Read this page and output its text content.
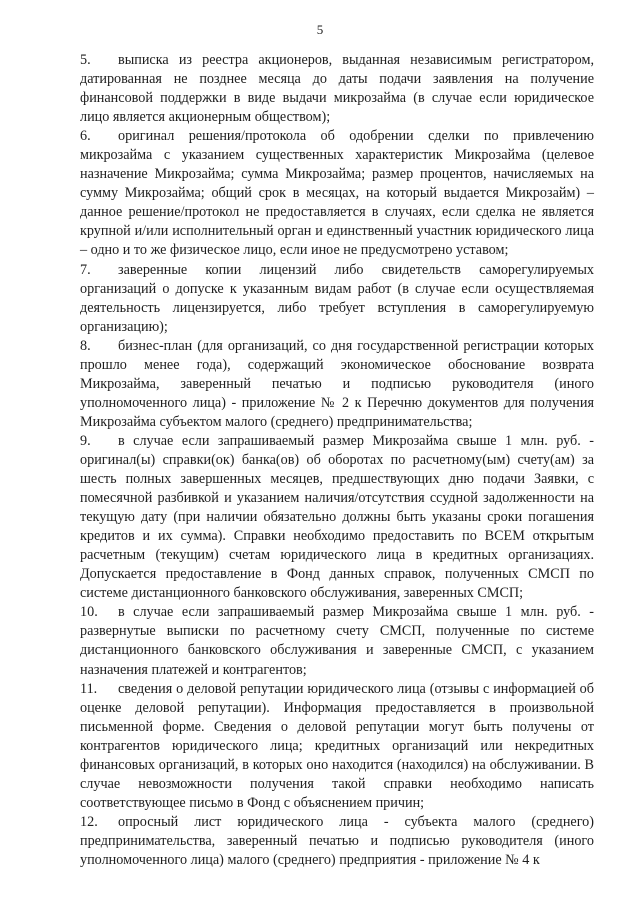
5

5. выписка из реестра акционеров, выданная независимым регистратором, датированная не позднее месяца до даты подачи заявления на получение финансовой поддержки в виде выдачи микрозайма (в случае если юридическое лицо является акционерным обществом);

6. оригинал решения/протокола об одобрении сделки по привлечению микрозайма с указанием существенных характеристик Микрозайма (целевое назначение Микрозайма; сумма Микрозайма; размер процентов, начисляемых на сумму Микрозайма; общий срок в месяцах, на который выдается Микрозайм) – данное решение/протокол не предоставляется в случаях, если сделка не является крупной и/или исполнительный орган и единственный участник юридического лица – одно и то же физическое лицо, если иное не предусмотрено уставом;

7. заверенные копии лицензий либо свидетельств саморегулируемых организаций о допуске к указанным видам работ (в случае если осуществляемая деятельность лицензируется, либо требует вступления в саморегулируемую организацию);

8. бизнес-план (для организаций, со дня государственной регистрации которых прошло менее года), содержащий экономическое обоснование возврата Микрозайма, заверенный печатью и подписью руководителя (иного уполномоченного лица) - приложение № 2 к Перечню документов для получения Микрозайма субъектом малого (среднего) предпринимательства;

9. в случае если запрашиваемый размер Микрозайма свыше 1 млн. руб. - оригинал(ы) справки(ок) банка(ов) об оборотах по расчетному(ым) счету(ам) за шесть полных завершенных месяцев, предшествующих дню подачи Заявки, с помесячной разбивкой и указанием наличия/отсутствия ссудной задолженности на текущую дату (при наличии обязательно должны быть указаны сроки погашения кредитов и их сумма). Справки необходимо предоставить по ВСЕМ открытым расчетным (текущим) счетам юридического лица в кредитных организациях. Допускается предоставление в Фонд данных справок, полученных СМСП по системе дистанционного банковского обслуживания, заверенных СМСП;

10. в случае если запрашиваемый размер Микрозайма свыше 1 млн. руб. - развернутые выписки по расчетному счету СМСП, полученные по системе дистанционного банковского обслуживания и заверенные СМСП, с указанием назначения платежей и контрагентов;

11. сведения о деловой репутации юридического лица (отзывы с информацией об оценке деловой репутации). Информация предоставляется в произвольной письменной форме. Сведения о деловой репутации могут быть получены от контрагентов юридического лица; кредитных организаций или некредитных финансовых организаций, в которых оно находится (находился) на обслуживании. В случае невозможности получения такой справки необходимо написать соответствующее письмо в Фонд с объяснением причин;

12. опросный лист юридического лица - субъекта малого (среднего) предпринимательства, заверенный печатью и подписью руководителя (иного уполномоченного лица) малого (среднего) предприятия - приложение № 4 к
